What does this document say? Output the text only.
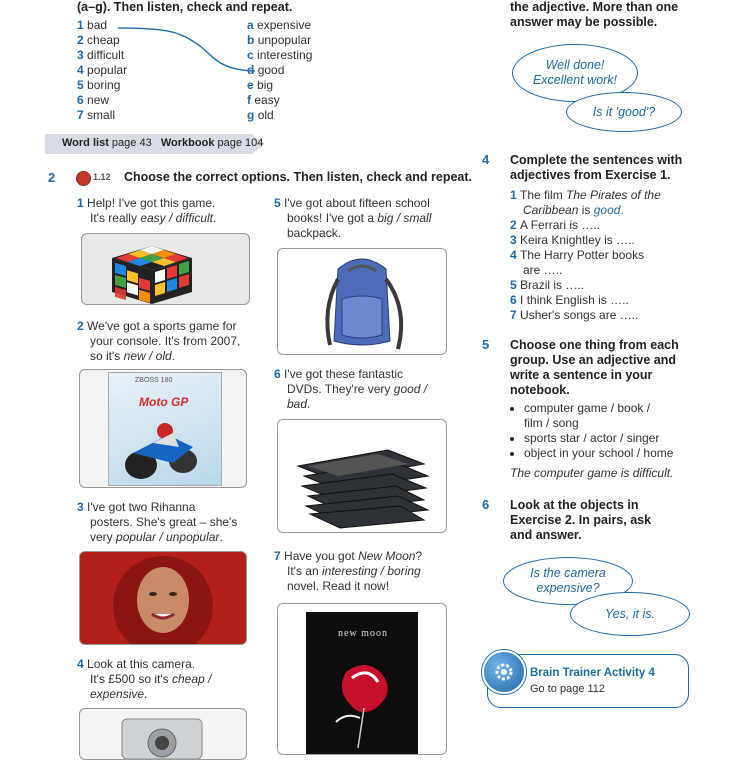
(a–g). Then listen, check and repeat.
1 bad
2 cheap
3 difficult
4 popular
5 boring
6 new
7 small
a expensive
b unpopular
c interesting
d good
e big
f easy
g old
Word list page 43 Workbook page 104
2	1.12 Choose the correct options. Then listen, check and repeat.
1 Help! I've got this game.
It's really easy / difficult.
2 We've got a sports game for
your console. It's from 2007,
so it's new / old.
ZBOSS 180
Moto GP
3 I've got two Rihanna
posters. She's great – she's
very popular / unpopular.
4 Look at this camera.
It's £500 so it's cheap /
expensive.
5 I've got about fifteen school
books! I've got a big / small
backpack.
6 I've got these fantastic
DVDs. They're very good /
bad.
7 Have you got New Moon?
It's an interesting / boring
novel. Read it now!
new moon
the adjective. More than one
answer may be possible.
Well done! Excellent work!
Is it 'good'?
4 Complete the sentences with
adjectives from Exercise 1.
1 The film The Pirates of the
Caribbean is good.
2 A Ferrari is …..
3 Keira Knightley is …..
4 The Harry Potter books
are …..
5 Brazil is …..
6 I think English is …..
7 Usher's songs are …..
5 Choose one thing from each
group. Use an adjective and
write a sentence in your
notebook.
• computer game / book /
film / song
• sports star / actor / singer
• object in your school / home
The computer game is difficult.
6 Look at the objects in
Exercise 2. In pairs, ask
and answer.
Is the camera expensive?
Yes, it is.
Brain Trainer Activity 4
Go to page 112
